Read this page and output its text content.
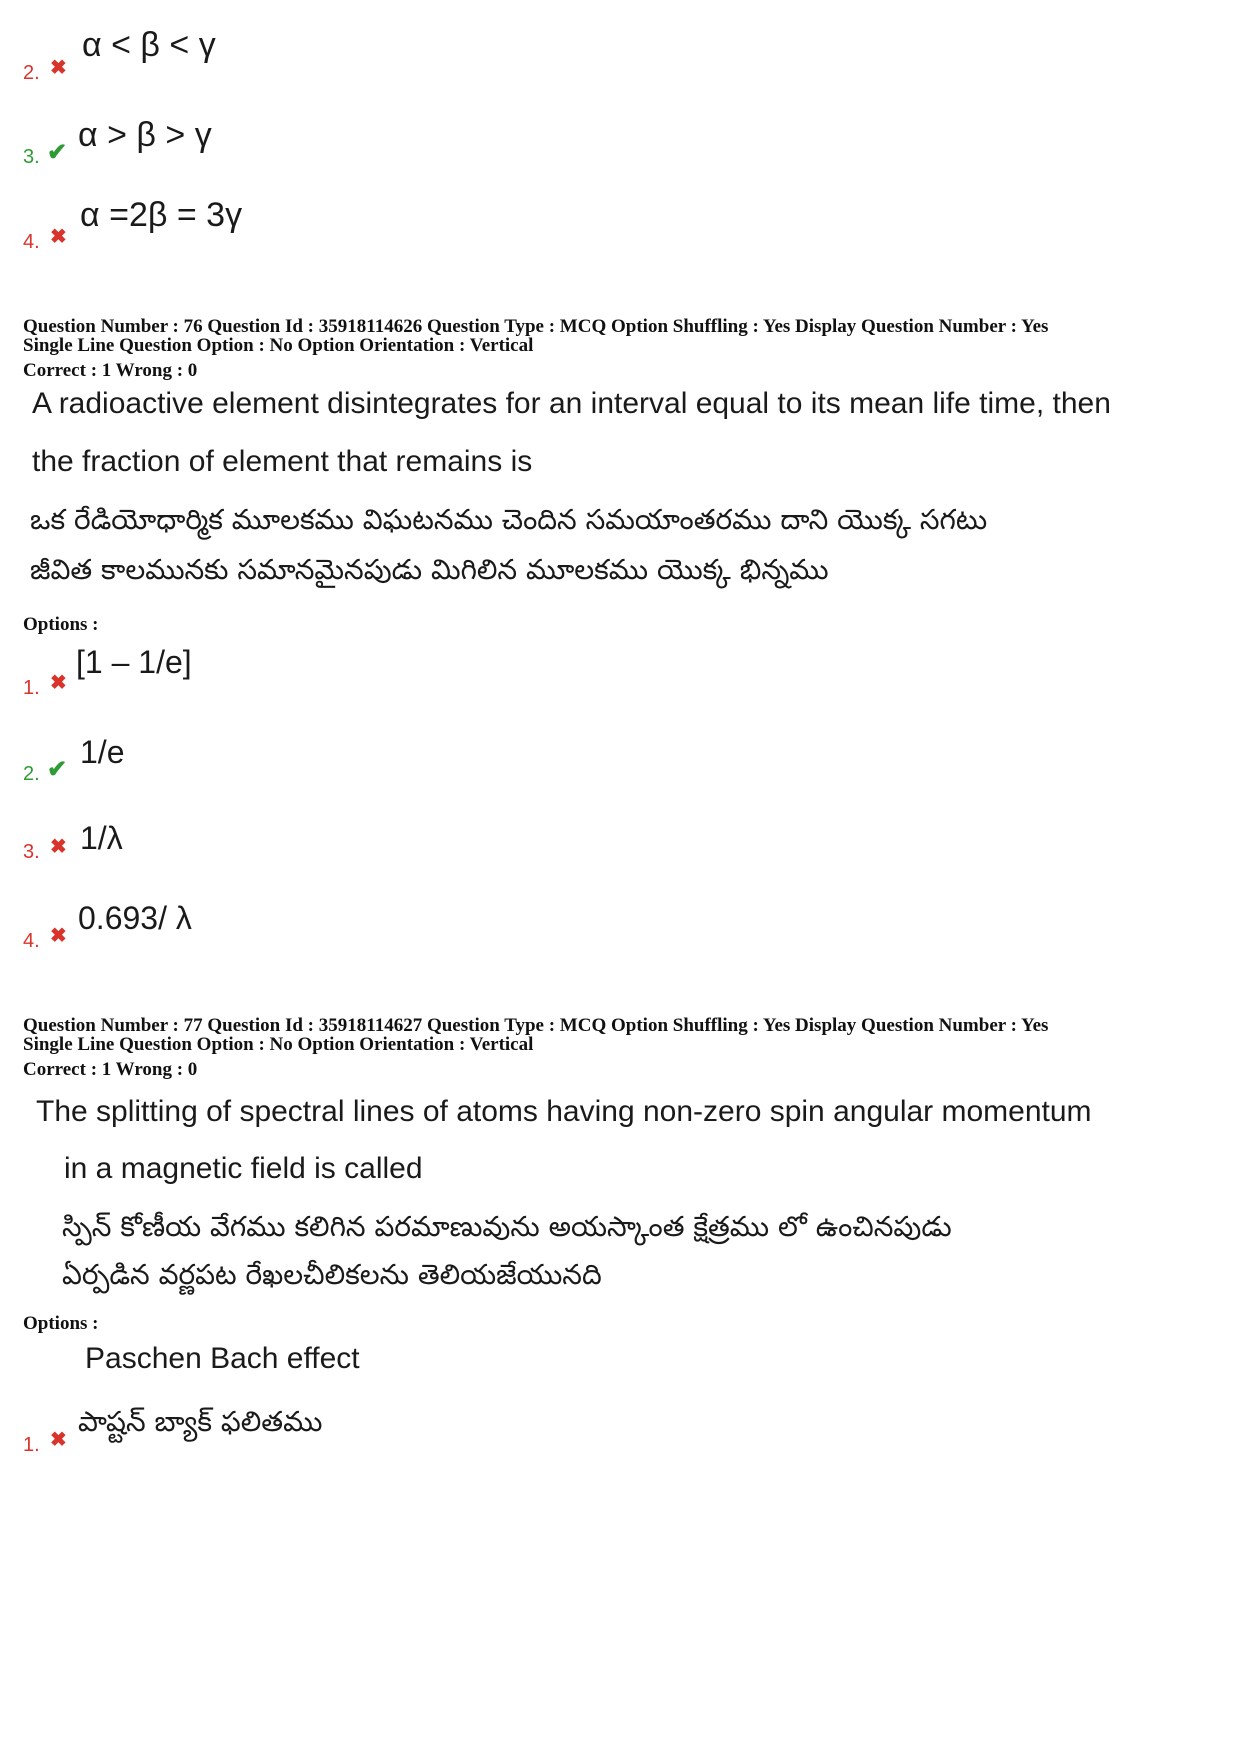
2. ✖
α < β < γ
3. ✔ α > β > γ
4. ✖
α =2β = 3γ
Question Number : 76 Question Id : 35918114626 Question Type : MCQ Option Shuffling : Yes Display Question Number : Yes
Single Line Question Option : No Option Orientation : Vertical
Correct : 1 Wrong : 0
A radioactive element disintegrates for an interval equal to its mean life time, then
the fraction of element that remains is
ఒక రేడియోధార్మిక మూలకము విఘటనము చెందిన సమయాంతరము దాని యొక్క సగటు
జీవిత కాలమునకు సమానమైనపుడు మిగిలిన మూలకము యొక్క భిన్నము
Options :
1. ✖
[1 – 1/e]
2. ✔ 1/e
3. ✖ 1/λ
4. ✖ 0.693/ λ
Question Number : 77 Question Id : 35918114627 Question Type : MCQ Option Shuffling : Yes Display Question Number : Yes
Single Line Question Option : No Option Orientation : Vertical
Correct : 1 Wrong : 0
The splitting of spectral lines of atoms having non-zero spin angular momentum
in a magnetic field is called
స్పిన్ కోణీయ వేగము కలిగిన పరమాణువును అయస్కాంత క్షేత్రము లో ఉంచినపుడు
ఏర్పడిన వర్ణపట రేఖలచీలికలను తెలియజేయునది
Options :
Paschen Bach effect
పాష్టన్ బ్యాక్ ఫలితము
1. ✖
